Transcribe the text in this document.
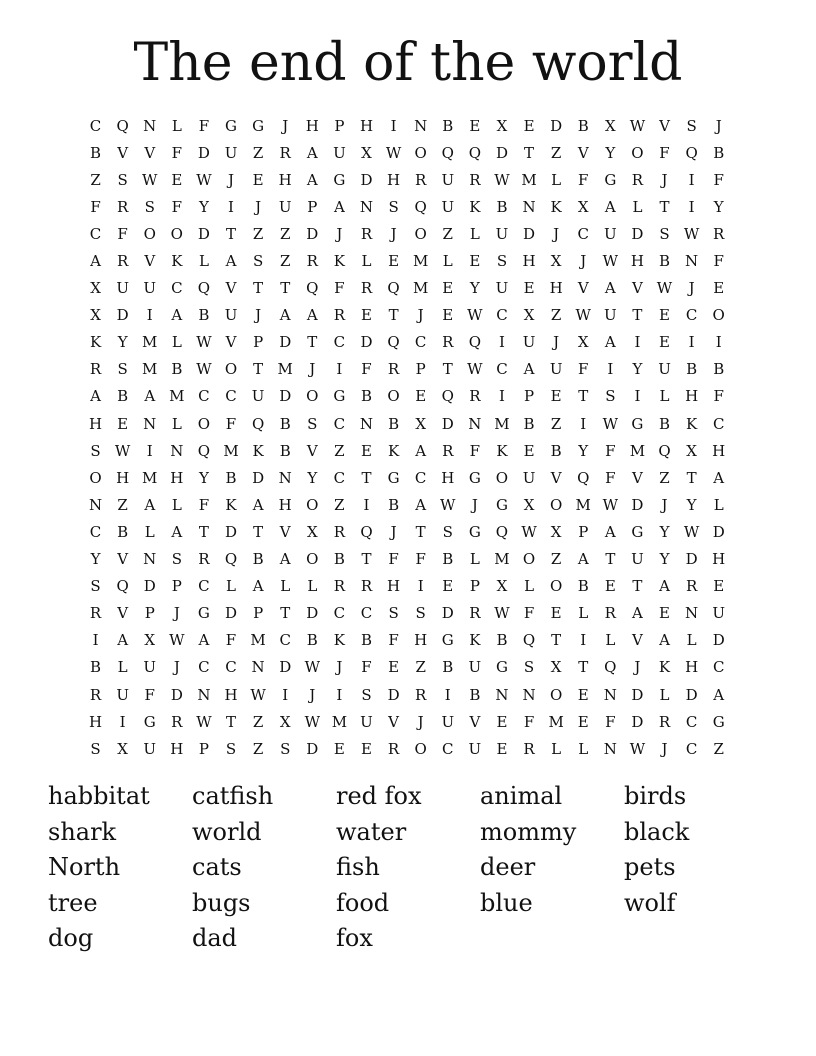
The end of the world
C	Q N	L	F	G	G	J	H	P	H	I	N	B	E	X	E	D	B	X W V	S	J
B	V	V	F	D U	Z	R	A	U	X W O Q Q D	T	Z	V	Y	O	F	Q	B
Z	S W E W	J	E	H	A	G	D H R	U	R W M L	F	G	R	J	I	F
F	R	S	F	Y	I	J	U	P	A	N	S	Q U	K	B	N K	X	A	L	T	I	Y
C	F	O O D	T	Z	Z	D	J	R	J	O	Z	L	U D	J	C	U D	S W R
A	R	V	K	L	A	S	Z	R	K	L	E M L	E	S	H	X	J	W H	B	N	F
X	U U	C	Q	V	T	T	Q	F	R	Q M E	Y	U	E	H	V	A	V W	J	E
X	D	I	A	B	U	J	A	A	R	E	T	J	E W C	X	Z W U	T	E	C	O
K	Y M L W V	P	D	T	C	D Q	C	R	Q	I	U	J	X	A	I	E	I	I
R	S M B W O	T M	J	I	F	R	P	T W C	A	U	F	I	Y	U	B	B
A	B	A M C	C	U D O G	B	O	E	Q	R	I	P	E	T	S	I	L	H	F
H	E	N	L	O	F	Q	B	S	C N	B	X	D N M B	Z	I	W G	B	K	C
S W	I	N Q M K	B	V	Z	E	K	A	R	F	K	E	B	Y	F M Q	X	H
O H M H	Y	B	D N	Y	C	T	G	C H G O U	V	Q	F	V	Z	T	A
N	Z	A	L	F	K	A	H O	Z	I	B	A W	J	G	X	O M W D	J	Y	L
C	B	L	A	T	D	T	V	X	R	Q	J	T	S	G Q W X	P	A	G	Y W D
Y	V	N	S	R	Q	B	A	O	B	T	F	F	B	L M O	Z	A	T	U	Y	D H
S	Q D	P	C	L	A	L	L	R	R H	I	E	P	X	L	O	B	E	T	A	R	E
R	V	P	J	G	D	P	T	D	C	C	S	S	D	R W F	E	L	R	A	E	N U
I	A	X W A	F M C	B	K	B	F	H G	K	B	Q	T	I	L	V	A	L	D
B	L	U	J	C	C N D W	J	F	E	Z	B	U G	S	X	T	Q	J	K H C
R	U	F	D N H W	I	J	I	S	D	R	I	B	N N O	E	N D	L	D	A
H	I	G	R W T	Z	X W M U	V	J	U	V	E	F M E	F	D	R	C	G
S	X	U H	P	S	Z	S	D	E	E	R	O	C	U	E	R	L	L	N W	J	C	Z
habbitat	catfish	red fox	animal	birds
shark	world	water	mommy	black
North	cats	fish	deer	pets
tree	bugs	food	blue	wolf
dog	dad	fox
